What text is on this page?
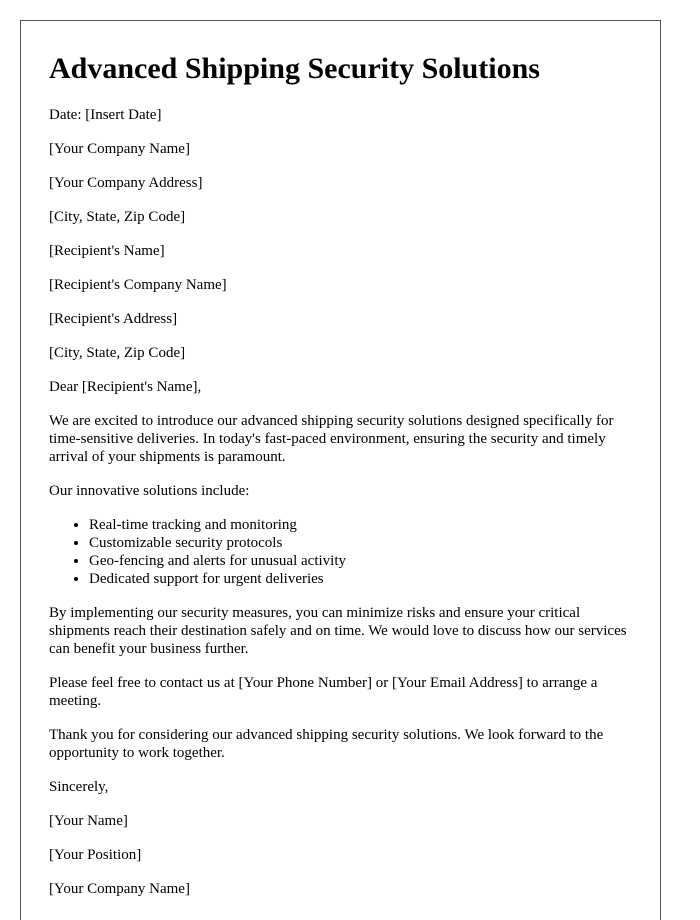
Advanced Shipping Security Solutions

Date: [Insert Date]

[Your Company Name]

[Your Company Address]

[City, State, Zip Code]

[Recipient's Name]

[Recipient's Company Name]

[Recipient's Address]

[City, State, Zip Code]

Dear [Recipient's Name],

We are excited to introduce our advanced shipping security solutions designed specifically for time-sensitive deliveries. In today's fast-paced environment, ensuring the security and timely arrival of your shipments is paramount.

Our innovative solutions include:

• Real-time tracking and monitoring
• Customizable security protocols
• Geo-fencing and alerts for unusual activity
• Dedicated support for urgent deliveries

By implementing our security measures, you can minimize risks and ensure your critical shipments reach their destination safely and on time. We would love to discuss how our services can benefit your business further.

Please feel free to contact us at [Your Phone Number] or [Your Email Address] to arrange a meeting.

Thank you for considering our advanced shipping security solutions. We look forward to the opportunity to work together.

Sincerely,

[Your Name]

[Your Position]

[Your Company Name]
